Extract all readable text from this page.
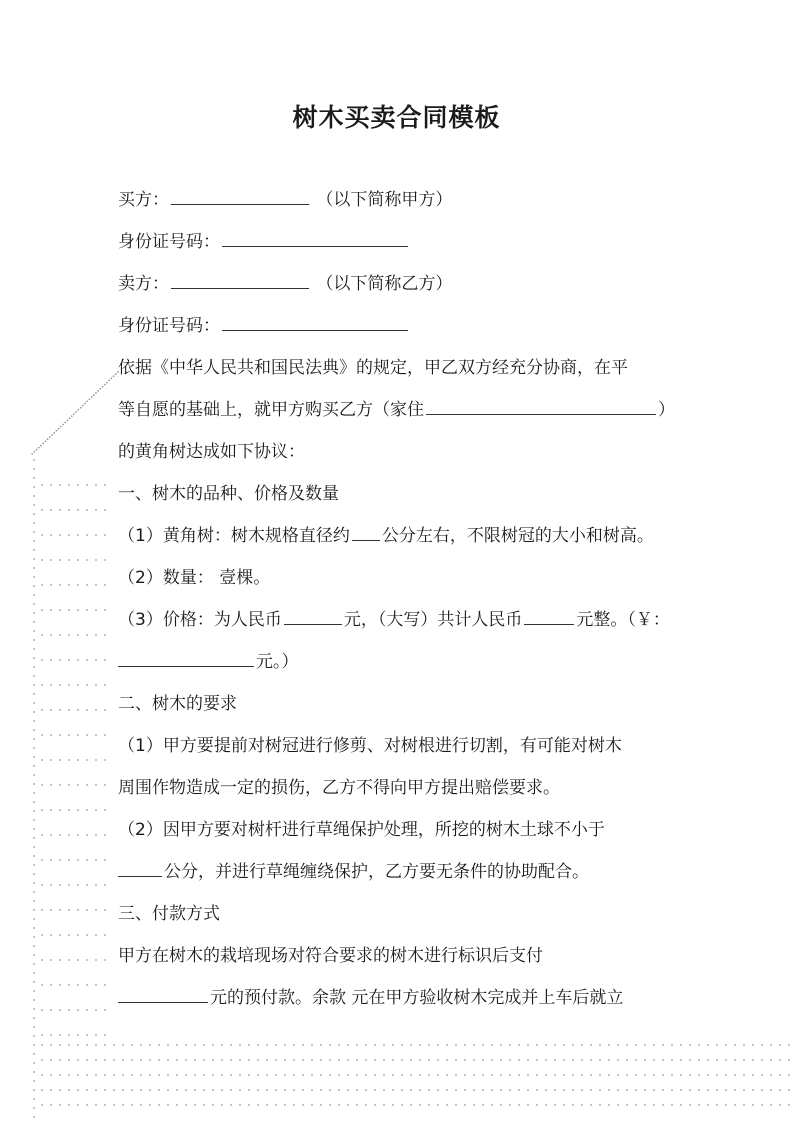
树木买卖合同模板
买方：	（以下简称甲方）
身份证号码：
卖方：	（以下简称乙方）
身份证号码：
依据《中华人民共和国民法典》的规定，甲乙双方经充分协商，在平
等自愿的基础上，就甲方购买乙方（家住	）
的黄角树达成如下协议：
一、树木的品种、价格及数量
（1）黄角树：树木规格直径约 公分左右，不限树冠的大小和树高。
（2）数量： 壹棵。
（3）价格：为人民币	元，（大写）共计人民币	元整。（￥：
元。）
二、树木的要求
（1）甲方要提前对树冠进行修剪、对树根进行切割，有可能对树木
周围作物造成一定的损伤，乙方不得向甲方提出赔偿要求。
（2）因甲方要对树杆进行草绳保护处理，所挖的树木土球不小于
公分，并进行草绳缠绕保护，乙方要无条件的协助配合。
三、付款方式
甲方在树木的栽培现场对符合要求的树木进行标识后支付
元的预付款。余款 元在甲方验收树木完成并上车后就立
